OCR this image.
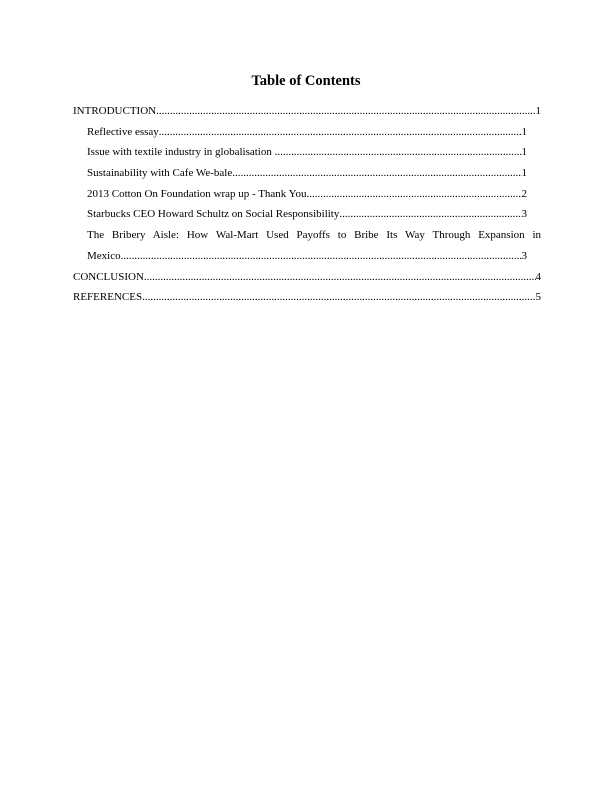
Table of Contents
INTRODUCTION .....	1
Reflective essay .....	1
Issue with textile industry in globalisation .....	1
Sustainability with Cafe We-bale .....	1
2013 Cotton On Foundation wrap up - Thank You .....	2
Starbucks CEO Howard Schultz on Social Responsibility .....	3
The Bribery Aisle: How Wal-Mart Used Payoffs to Bribe Its Way Through Expansion in
Mexico .....	3
CONCLUSION .....	4
REFERENCES .....	5
